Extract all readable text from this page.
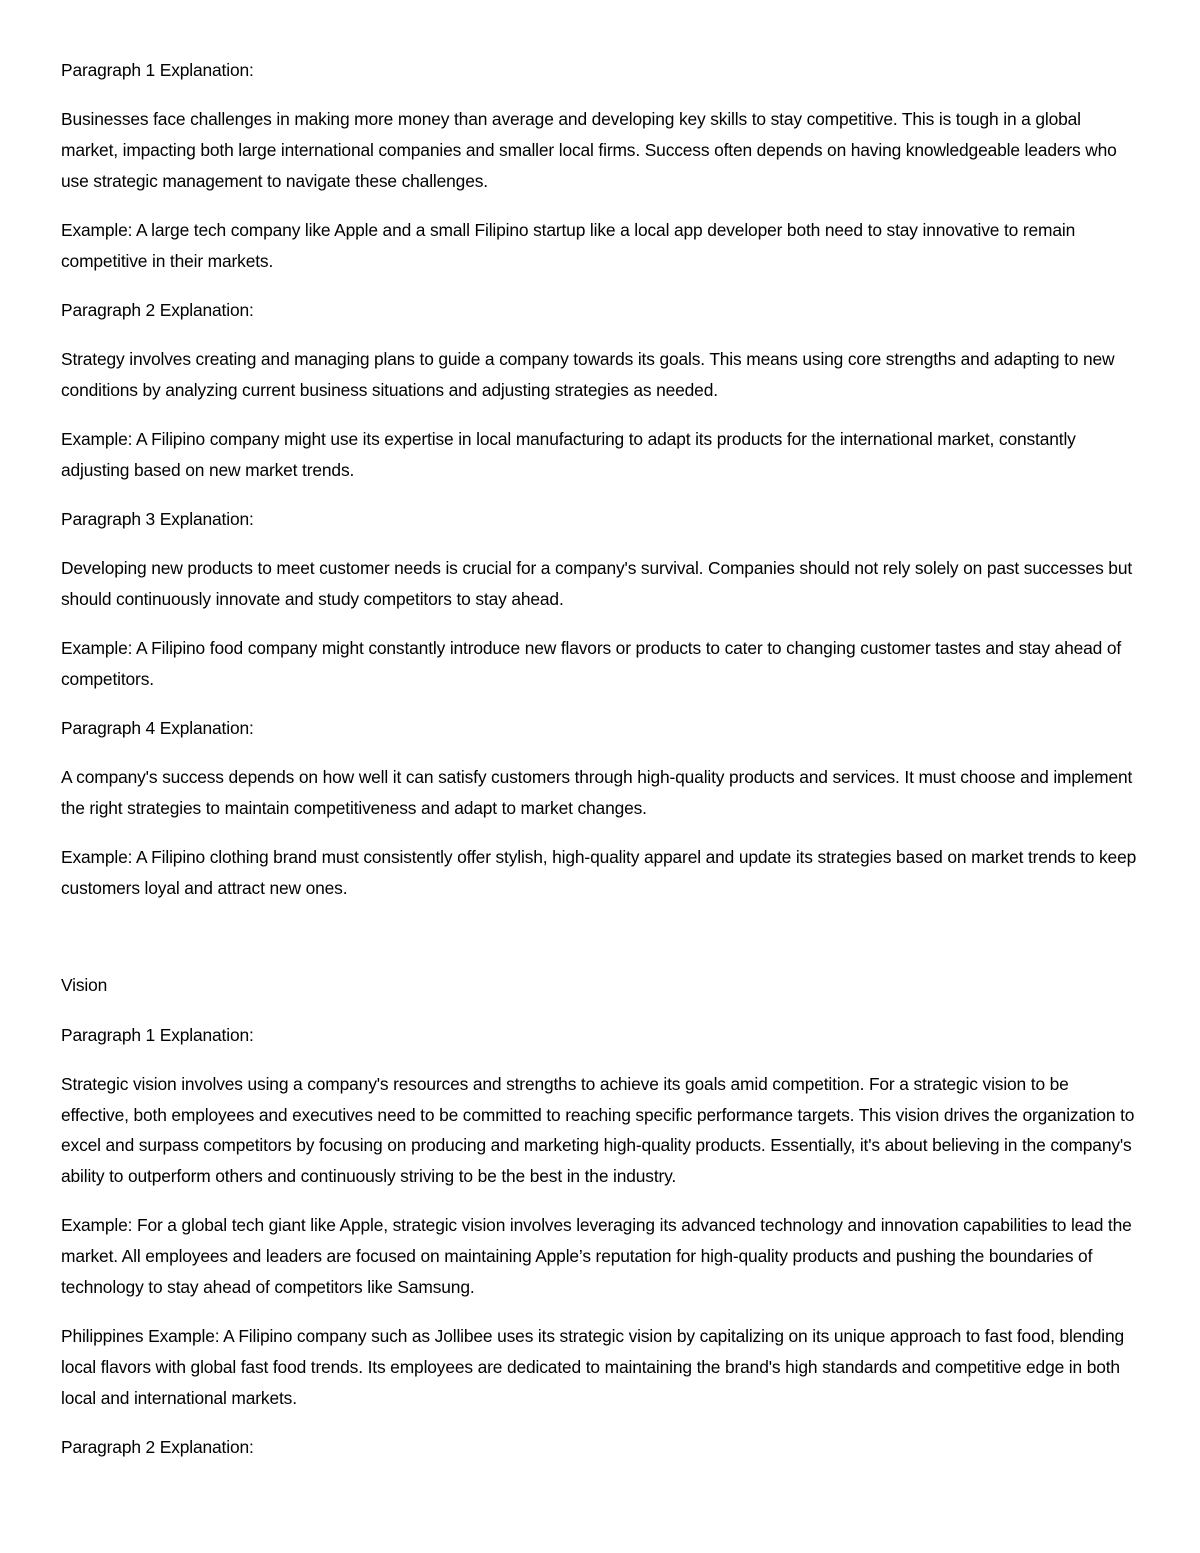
Paragraph 1 Explanation:

Businesses face challenges in making more money than average and developing key skills to stay competitive. This is tough in a global market, impacting both large international companies and smaller local firms. Success often depends on having knowledgeable leaders who use strategic management to navigate these challenges.

Example: A large tech company like Apple and a small Filipino startup like a local app developer both need to stay innovative to remain competitive in their markets.

Paragraph 2 Explanation:

Strategy involves creating and managing plans to guide a company towards its goals. This means using core strengths and adapting to new conditions by analyzing current business situations and adjusting strategies as needed.

Example: A Filipino company might use its expertise in local manufacturing to adapt its products for the international market, constantly adjusting based on new market trends.

Paragraph 3 Explanation:

Developing new products to meet customer needs is crucial for a company's survival. Companies should not rely solely on past successes but should continuously innovate and study competitors to stay ahead.

Example: A Filipino food company might constantly introduce new flavors or products to cater to changing customer tastes and stay ahead of competitors.

Paragraph 4 Explanation:

A company's success depends on how well it can satisfy customers through high-quality products and services. It must choose and implement the right strategies to maintain competitiveness and adapt to market changes.

Example: A Filipino clothing brand must consistently offer stylish, high-quality apparel and update its strategies based on market trends to keep customers loyal and attract new ones.

Vision

Paragraph 1 Explanation:

Strategic vision involves using a company's resources and strengths to achieve its goals amid competition. For a strategic vision to be effective, both employees and executives need to be committed to reaching specific performance targets. This vision drives the organization to excel and surpass competitors by focusing on producing and marketing high-quality products. Essentially, it's about believing in the company's ability to outperform others and continuously striving to be the best in the industry.

Example: For a global tech giant like Apple, strategic vision involves leveraging its advanced technology and innovation capabilities to lead the market. All employees and leaders are focused on maintaining Apple’s reputation for high-quality products and pushing the boundaries of technology to stay ahead of competitors like Samsung.

Philippines Example: A Filipino company such as Jollibee uses its strategic vision by capitalizing on its unique approach to fast food, blending local flavors with global fast food trends. Its employees are dedicated to maintaining the brand's high standards and competitive edge in both local and international markets.

Paragraph 2 Explanation:
